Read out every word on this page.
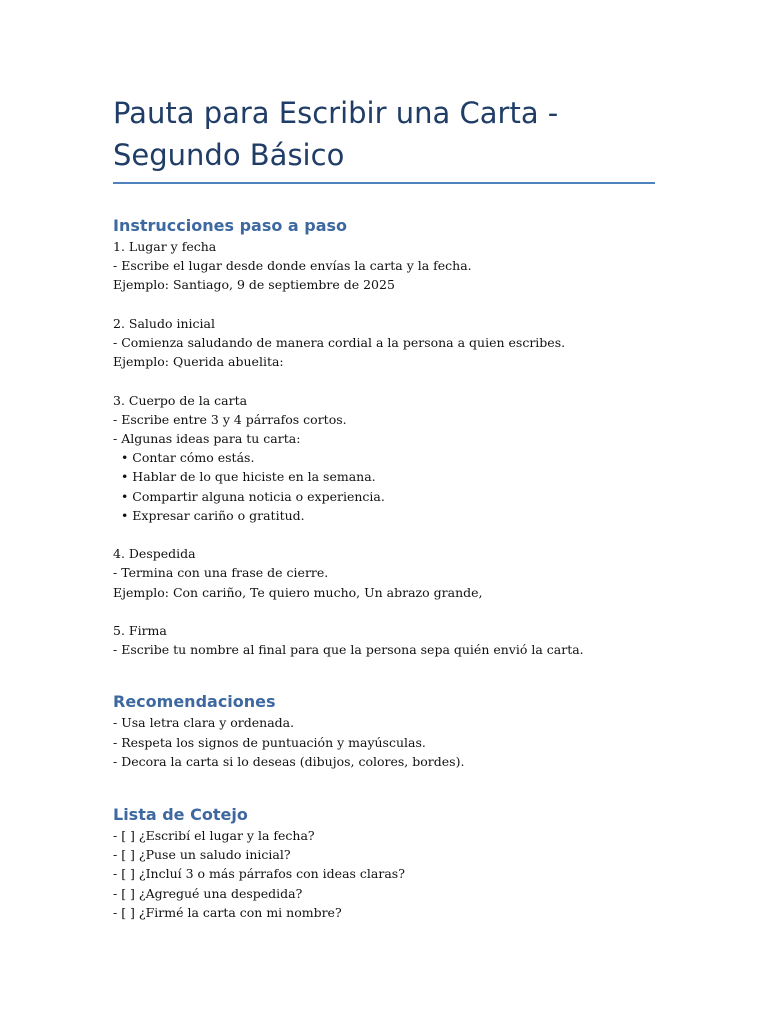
Pauta para Escribir una Carta - Segundo Básico
Instrucciones paso a paso

1. Lugar y fecha

- Escribe el lugar desde donde envías la carta y la fecha.

Ejemplo: Santiago, 9 de septiembre de 2025

2. Saludo inicial

- Comienza saludando de manera cordial a la persona a quien escribes.

Ejemplo: Querida abuelita:

3. Cuerpo de la carta

- Escribe entre 3 y 4 párrafos cortos.

- Algunas ideas para tu carta:

• Contar cómo estás.

• Hablar de lo que hiciste en la semana.

• Compartir alguna noticia o experiencia.

• Expresar cariño o gratitud.

4. Despedida

- Termina con una frase de cierre.

Ejemplo: Con cariño, Te quiero mucho, Un abrazo grande,

5. Firma

- Escribe tu nombre al final para que la persona sepa quién envió la carta.

Recomendaciones

- Usa letra clara y ordenada.

- Respeta los signos de puntuación y mayúsculas.

- Decora la carta si lo deseas (dibujos, colores, bordes).

Lista de Cotejo

- [ ] ¿Escribí el lugar y la fecha?

- [ ] ¿Puse un saludo inicial?

- [ ] ¿Incluí 3 o más párrafos con ideas claras?

- [ ] ¿Agregué una despedida?

- [ ] ¿Firmé la carta con mi nombre?
